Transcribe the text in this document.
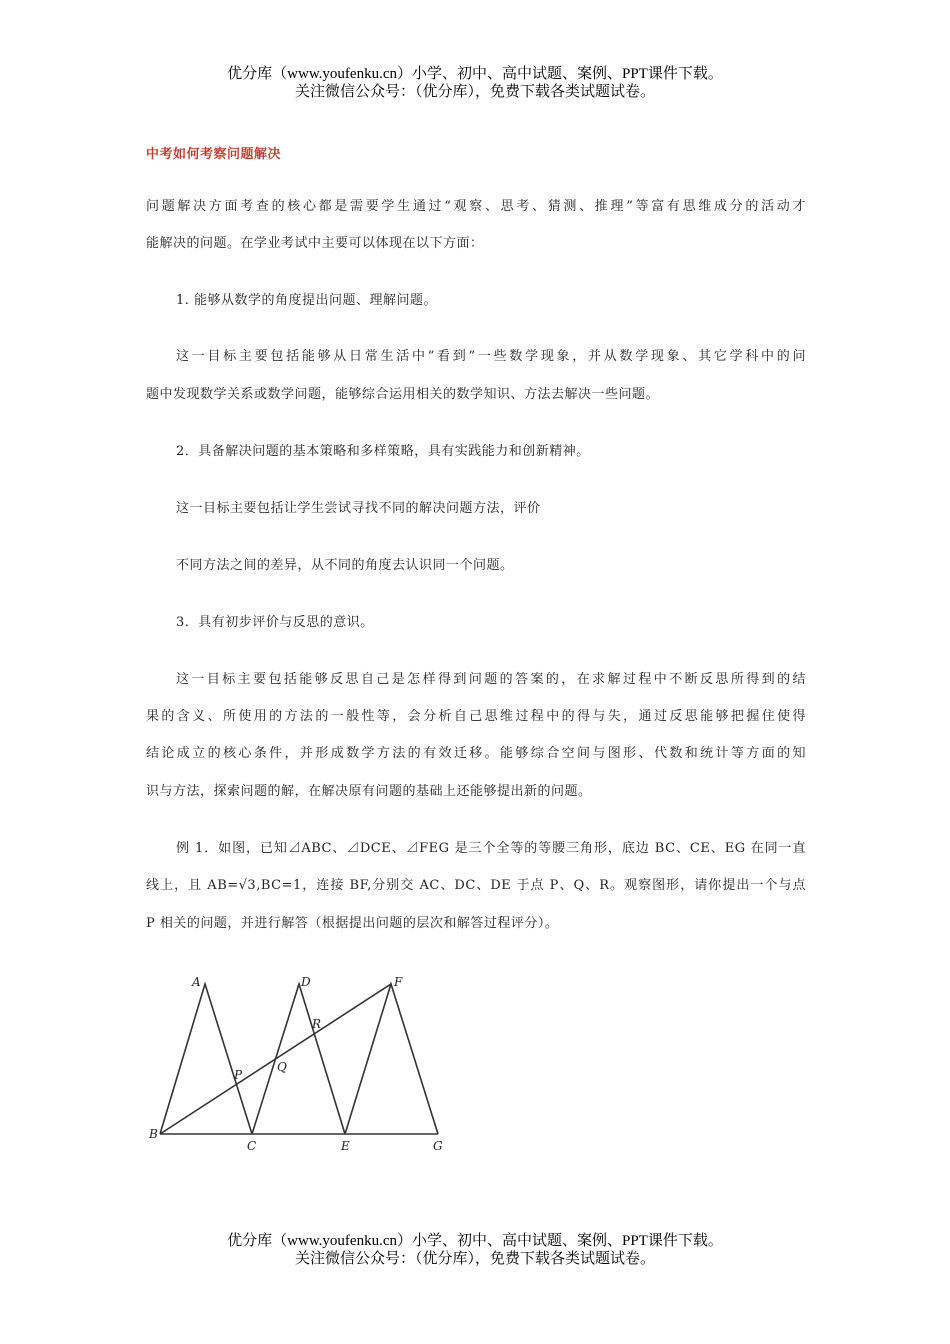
优分库（www.youfenku.cn）小学、初中、高中试题、案例、PPT课件下载。
关注微信公众号：（优分库），免费下载各类试题试卷。
中考如何考察问题解决
问题解决方面考查的核心都是需要学生通过“观察、思考、猜测、推理”等富有思维成分的活动才
能解决的问题。在学业考试中主要可以体现在以下方面：
1. 能够从数学的角度提出问题、理解问题。
这一目标主要包括能够从日常生活中“看到”一些数学现象，并从数学现象、其它学科中的问
题中发现数学关系或数学问题，能够综合运用相关的数学知识、方法去解决一些问题。
2．具备解决问题的基本策略和多样策略，具有实践能力和创新精神。
这一目标主要包括让学生尝试寻找不同的解决问题方法，评价
不同方法之间的差异，从不同的角度去认识同一个问题。
3．具有初步评价与反思的意识。
这一目标主要包括能够反思自己是怎样得到问题的答案的，在求解过程中不断反思所得到的结
果的含义、所使用的方法的一般性等，会分析自己思维过程中的得与失，通过反思能够把握住使得
结论成立的核心条件，并形成数学方法的有效迁移。能够综合空间与图形、代数和统计等方面的知
识与方法，探索问题的解，在解决原有问题的基础上还能够提出新的问题。
例 1．如图，已知⊿ABC、⊿DCE、⊿FEG 是三个全等的等腰三角形，底边 BC、CE、EG 在同一直
线上，且 AB=√3,BC=1，连接 BF,分别交 AC、DC、DE 于点 P、Q、R。观察图形，请你提出一个与点
P 相关的问题，并进行解答（根据提出问题的层次和解答过程评分）。
A
B
C
D
E
F
G
P
Q
R
优分库（www.youfenku.cn）小学、初中、高中试题、案例、PPT课件下载。
关注微信公众号：（优分库），免费下载各类试题试卷。
